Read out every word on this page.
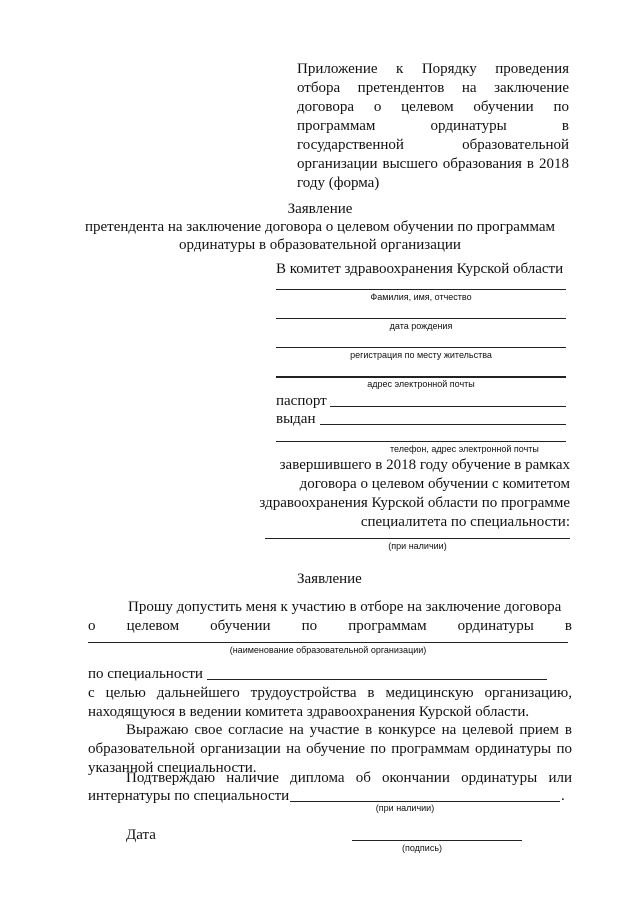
Приложение к Порядку проведения
отбора претендентов на заключение
договора о целевом обучении по
программам ординатуры в
государственной образовательной
организации высшего образования в 2018
году (форма)
Заявление
претендента на заключение договора о целевом обучении по программам
ординатуры в образовательной организации
В комитет здравоохранения Курской области
Фамилия, имя, отчество
дата рождения
регистрация по месту жительства
адрес электронной почты
паспорт
выдан
телефон, адрес электронной почты
завершившего в 2018 году обучение в рамках
договора о целевом обучении с комитетом
здравоохранения Курской области по программе
специалитета по специальности:
(при наличии)
Заявление
Прошу допустить меня к участию в отборе на заключение договора
о целевом обучении по программам ординатуры в
(наименование образовательной организации)
по специальности
с целью дальнейшего трудоустройства в медицинскую организацию,
находящуюся в ведении комитета здравоохранения Курской области.
Выражаю свое согласие на участие в конкурсе на целевой прием в
образовательной организации на обучение по программам ординатуры по
указанной специальности.
Подтверждаю наличие диплома об окончании ординатуры или
интернатуры по специальности	.
(при наличии)
Дата
(подпись)
